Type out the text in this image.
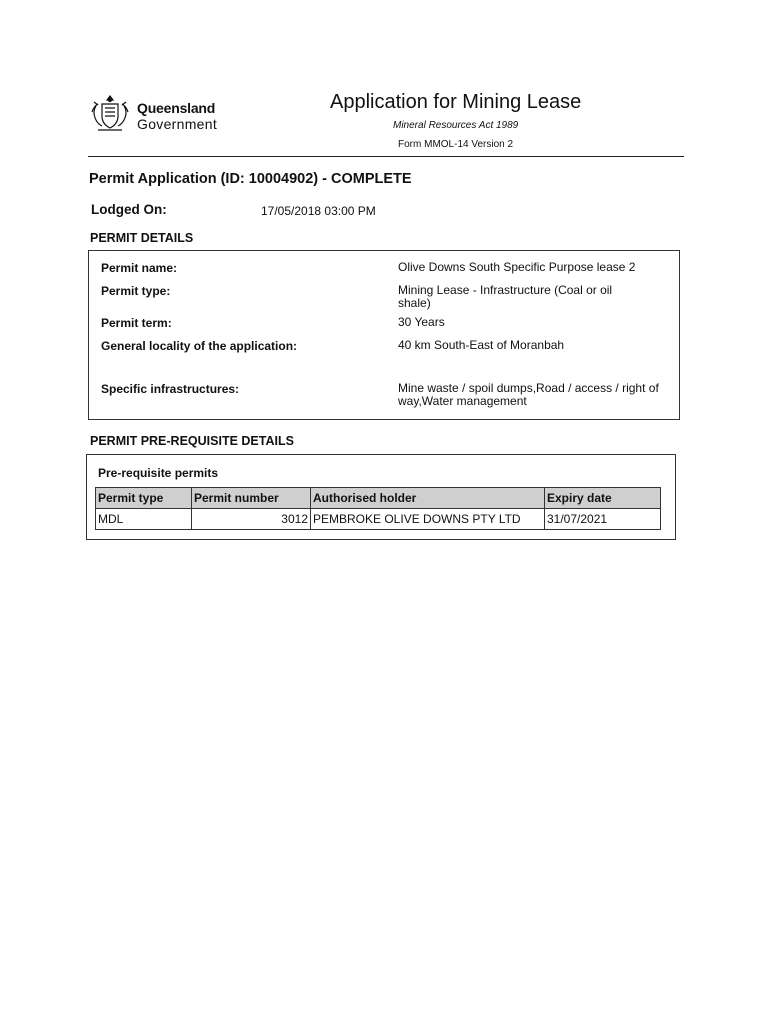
Queensland
Government
Application for Mining Lease
Mineral Resources Act 1989
Form MMOL-14 Version 2
Permit Application (ID: 10004902) - COMPLETE
Lodged On:	17/05/2018 03:00 PM
PERMIT DETAILS
Permit name:	Olive Downs South Specific Purpose lease 2
Permit type:	Mining Lease - Infrastructure (Coal or oil shale)
Permit term:	30 Years
General locality of the application:	40 km South-East of Moranbah
Specific infrastructures:	Mine waste / spoil dumps,Road / access / right of way,Water management
PERMIT PRE-REQUISITE DETAILS
Pre-requisite permits
Permit type	Permit number	Authorised holder	Expiry date
MDL	3012	PEMBROKE OLIVE DOWNS PTY LTD	31/07/2021
